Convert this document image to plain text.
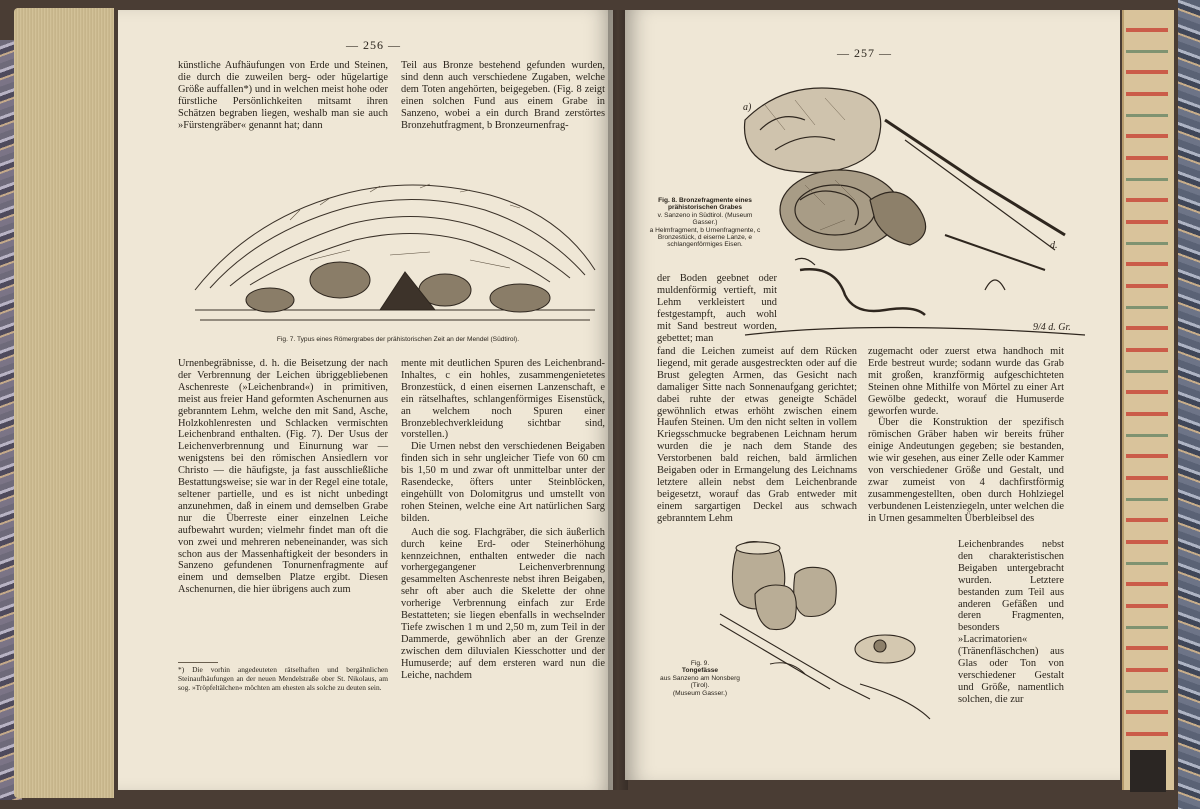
— 256 —

künstliche Aufhäufungen von Erde und Steinen, die durch die zuweilen berg- oder hügelartige Größe auffallen*) und in welchen meist hohe oder fürstliche Persönlichkeiten mitsamt ihren Schätzen begraben liegen, weshalb man sie auch »Fürstengräber« genannt hat; dann

Teil aus Bronze bestehend gefunden wurden, sind denn auch verschiedene Zugaben, welche dem Toten angehörten, beigegeben. (Fig. 8 zeigt einen solchen Fund aus einem Grabe in Sanzeno, wobei a ein durch Brand zerstörtes Bronzehutfragment, b Bronzeurnenfrag-

Fig. 7. Typus eines Römergrabes der prähistorischen Zeit an der Mendel (Südtirol).

Urnenbegräbnisse, d. h. die Beisetzung der nach der Verbrennung der Leichen übriggebliebenen Aschenreste (»Leichenbrand«) in primitiven, meist aus freier Hand geformten Aschenurnen aus gebranntem Lehm, welche den mit Sand, Asche, Holzkohlenresten und Schlacken vermischten Leichenbrand enthalten. (Fig. 7). Der Usus der Leichenverbrennung und Einurnung war — wenigstens bei den römischen Ansiedlern vor Christo — die häufigste, ja fast ausschließliche Bestattungsweise; sie war in der Regel eine totale, seltener partielle, und es ist nicht unbedingt anzunehmen, daß in einem und demselben Grabe nur die Überreste einer einzelnen Leiche aufbewahrt wurden; vielmehr findet man oft die von zwei und mehreren nebeneinander, was sich schon aus der Massenhaftigkeit der besonders in Sanzeno gefundenen Tonurnenfragmente auf einem und demselben Platze ergibt. Diesen Aschenurnen, die hier übrigens auch zum

*) Die vorhin angedeuteten rätselhaften und bergähnlichen Steinaufhäufungen an der neuen Mendelstraße ober St. Nikolaus, am sog. »Tröpfeltälchen« möchten am ehesten als solche zu deuten sein.

mente mit deutlichen Spuren des Leichenbrand-Inhaltes, c ein hohles, zusammengenietetes Bronzestück, d einen eisernen Lanzenschaft, e ein rätselhaftes, schlangenförmiges Eisenstück, an welchem noch Spuren einer Bronzeblechverkleidung sichtbar sind, vorstellen.)

Die Urnen nebst den verschiedenen Beigaben finden sich in sehr ungleicher Tiefe von 60 cm bis 1,50 m und zwar oft unmittelbar unter der Rasendecke, öfters unter Steinblöcken, eingehüllt von Dolomitgrus und umstellt von rohen Steinen, welche eine Art natürlichen Sarg bilden.

Auch die sog. Flachgräber, die sich äußerlich durch keine Erd- oder Steinerhöhung kennzeichnen, enthalten entweder die nach vorhergegangener Leichenverbrennung gesammelten Aschenreste nebst ihren Beigaben, sehr oft aber auch die Skelette der ohne vorherige Verbrennung einfach zur Erde Bestatteten; sie liegen ebenfalls in wechselnder Tiefe zwischen 1 m und 2,50 m, zum Teil in der Dammerde, gewöhnlich aber an der Grenze zwischen dem diluvialen Kiesschotter und der Humuserde; auf dem ersteren ward nun die Leiche, nachdem

— 257 —
a)
d.
9/4 d. Gr.
Fig. 8. Bronzefragmente eines prähistorischen Grabes
v. Sanzeno in Südtirol. (Museum Gasser.)
a Helmfragment, b Urnenfragmente, c Bronzestück, d eiserne Lanze, e schlangenförmiges Eisen.

der Boden geebnet oder muldenförmig vertieft, mit Lehm verkleistert und festgestampft, auch wohl mit Sand bestreut worden, gebettet; man

fand die Leichen zumeist auf dem Rücken liegend, mit gerade ausgestreckten oder auf die Brust gelegten Armen, das Gesicht nach damaliger Sitte nach Sonnenaufgang gerichtet; dabei ruhte der etwas geneigte Schädel gewöhnlich etwas erhöht zwischen einem Haufen Steinen. Um den nicht selten in vollem Kriegsschmucke begrabenen Leichnam herum wurden die je nach dem Stande des Verstorbenen bald reichen, bald ärmlichen Beigaben oder in Ermangelung des Leichnams letztere allein nebst dem Leichenbrande beigesetzt, worauf das Grab entweder mit einem sargartigen Deckel aus schwach gebranntem Lehm

zugemacht oder zuerst etwa handhoch mit Erde bestreut wurde; sodann wurde das Grab mit großen, kranzförmig aufgeschichteten Steinen ohne Mithilfe von Mörtel zu einer Art Gewölbe gedeckt, worauf die Humuserde geworfen wurde.

Über die Konstruktion der spezifisch römischen Gräber haben wir bereits früher einige Andeutungen gegeben; sie bestanden, wie wir gesehen, aus einer Zelle oder Kammer von verschiedener Größe und Gestalt, und zwar zumeist von 4 dachfirstförmig zusammengestellten, oben durch Hohlziegel verbundenen Leistenziegeln, unter welchen die in Urnen gesammelten Überbleibsel des

Fig. 9.
Tongefässe
aus Sanzeno am Nonsberg (Tirol).
(Museum Gasser.)

Leichenbrandes nebst den charakteristischen Beigaben untergebracht wurden. Letztere bestanden zum Teil aus anderen Gefäßen und deren Fragmenten, besonders »Lacrimatorien« (Tränenfläschchen) aus Glas oder Ton von verschiedener Gestalt und Größe, namentlich solchen, die zur
